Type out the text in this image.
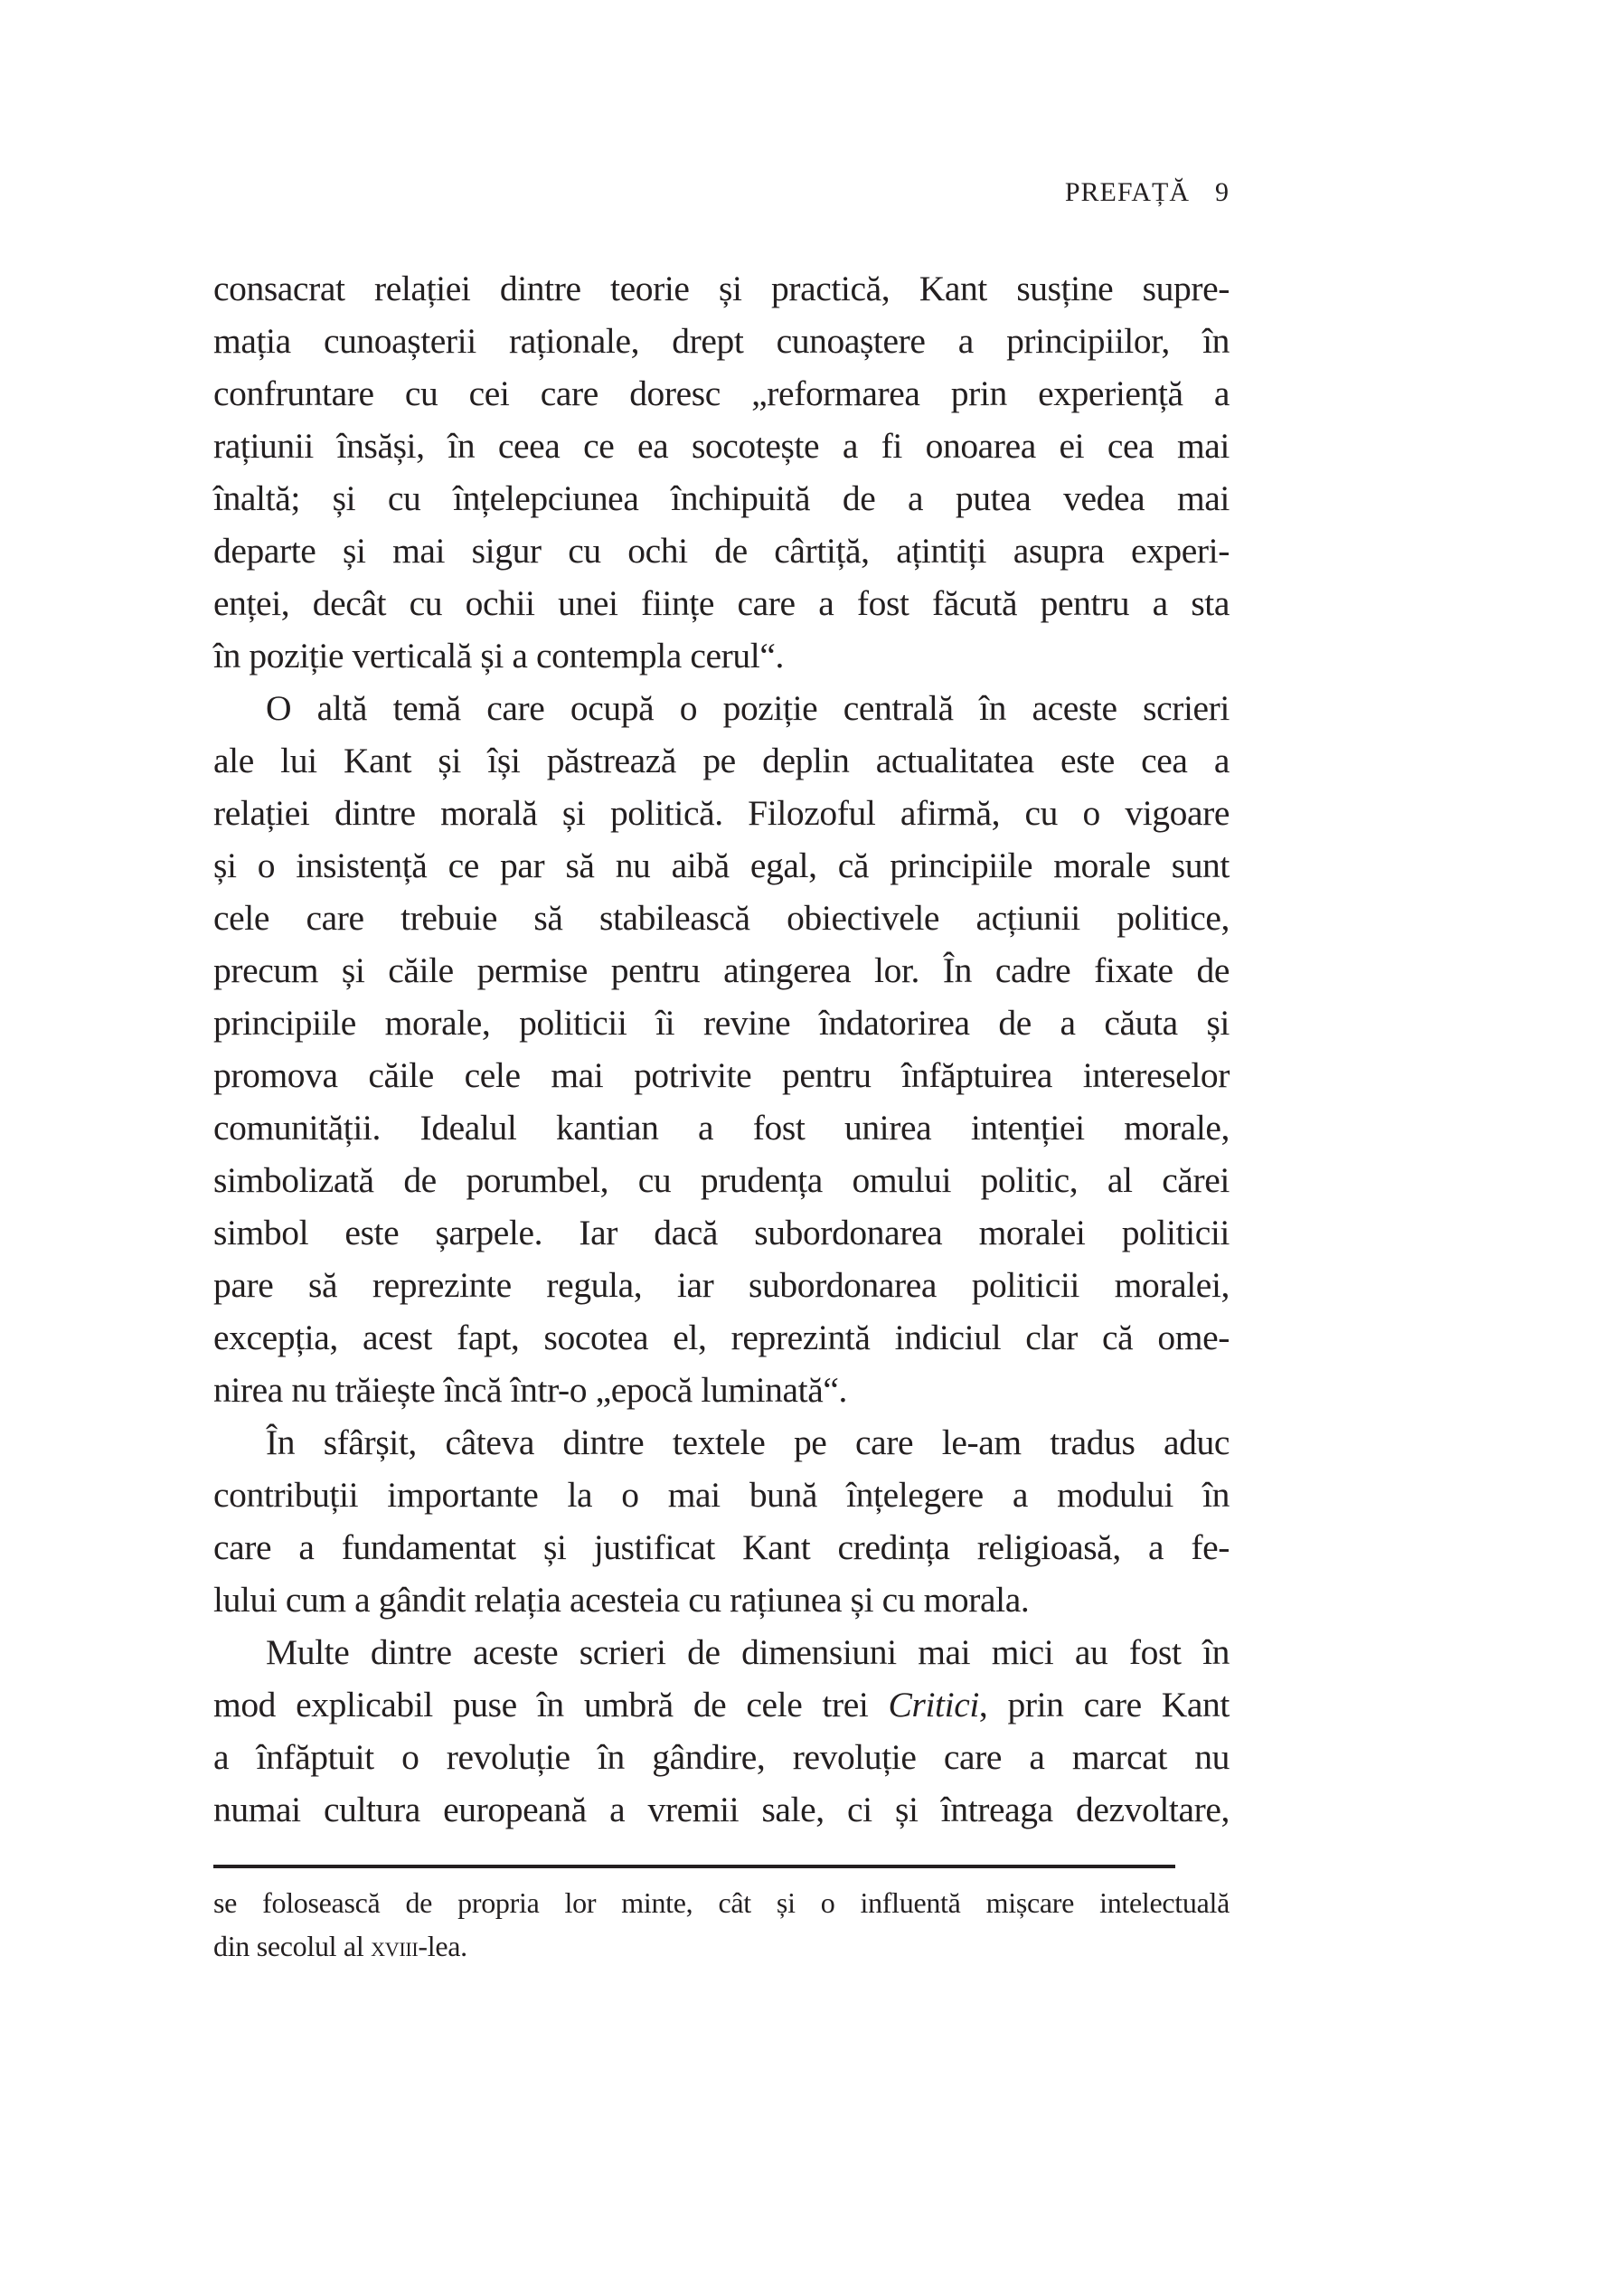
PREFAȚĂ 9
consacrat relației dintre teorie și practică, Kant susține supre-
mația cunoașterii raționale, drept cunoaștere a principiilor, în
confruntare cu cei care doresc „reformarea prin experiență a
rațiunii însăși, în ceea ce ea socotește a fi onoarea ei cea mai
înaltă; și cu înțelepciunea închipuită de a putea vedea mai
departe și mai sigur cu ochi de cârtiță, ațintiți asupra experi-
enței, decât cu ochii unei ființe care a fost făcută pentru a sta
în poziție verticală și a contempla cerul“.
O altă temă care ocupă o poziție centrală în aceste scrieri
ale lui Kant și își păstrează pe deplin actualitatea este cea a
relației dintre morală și politică. Filozoful afirmă, cu o vigoare
și o insistență ce par să nu aibă egal, că principiile morale sunt
cele care trebuie să stabilească obiectivele acțiunii politice,
precum și căile permise pentru atingerea lor. În cadre fixate de
principiile morale, politicii îi revine îndatorirea de a căuta și
promova căile cele mai potrivite pentru înfăptuirea intereselor
comunității. Idealul kantian a fost unirea intenției morale,
simbolizată de porumbel, cu prudența omului politic, al cărei
simbol este șarpele. Iar dacă subordonarea moralei politicii
pare să reprezinte regula, iar subordonarea politicii moralei,
excepția, acest fapt, socotea el, reprezintă indiciul clar că ome-
nirea nu trăiește încă într-o „epocă luminată“.
În sfârșit, câteva dintre textele pe care le-am tradus aduc
contribuții importante la o mai bună înțelegere a modului în
care a fundamentat și justificat Kant credința religioasă, a fe-
lului cum a gândit relația acesteia cu rațiunea și cu morala.
Multe dintre aceste scrieri de dimensiuni mai mici au fost în
mod explicabil puse în umbră de cele trei Critici, prin care Kant
a înfăptuit o revoluție în gândire, revoluție care a marcat nu
numai cultura europeană a vremii sale, ci și întreaga dezvoltare,
se folosească de propria lor minte, cât și o influentă mișcare intelectuală
din secolul al xviii-lea.
